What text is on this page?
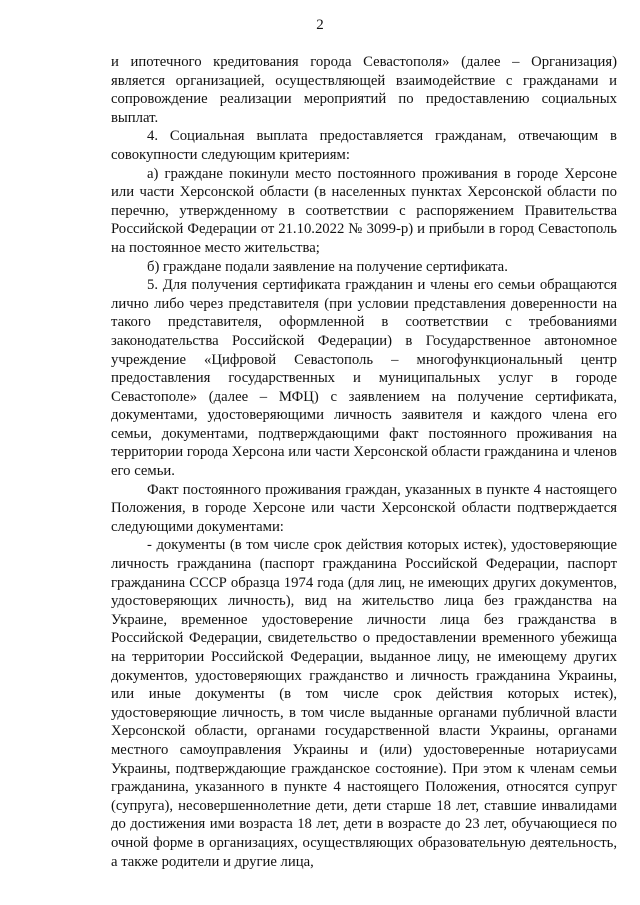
2

и ипотечного кредитования города Севастополя» (далее – Организация) является организацией, осуществляющей взаимодействие с гражданами и сопровождение реализации мероприятий по предоставлению социальных выплат.

4. Социальная выплата предоставляется гражданам, отвечающим в совокупности следующим критериям:

а) граждане покинули место постоянного проживания в городе Херсоне или части Херсонской области (в населенных пунктах Херсонской области по перечню, утвержденному в соответствии с распоряжением Правительства Российской Федерации от 21.10.2022 № 3099-р) и прибыли в город Севастополь на постоянное место жительства;

б) граждане подали заявление на получение сертификата.

5. Для получения сертификата гражданин и члены его семьи обращаются лично либо через представителя (при условии представления доверенности на такого представителя, оформленной в соответствии с требованиями законодательства Российской Федерации) в Государственное автономное учреждение «Цифровой Севастополь – многофункциональный центр предоставления государственных и муниципальных услуг в городе Севастополе» (далее – МФЦ) с заявлением на получение сертификата, документами, удостоверяющими личность заявителя и каждого члена его семьи, документами, подтверждающими факт постоянного проживания на территории города Херсона или части Херсонской области гражданина и членов его семьи.

Факт постоянного проживания граждан, указанных в пункте 4 настоящего Положения, в городе Херсоне или части Херсонской области подтверждается следующими документами:

- документы (в том числе срок действия которых истек), удостоверяющие личность гражданина (паспорт гражданина Российской Федерации, паспорт гражданина СССР образца 1974 года (для лиц, не имеющих других документов, удостоверяющих личность), вид на жительство лица без гражданства на Украине, временное удостоверение личности лица без гражданства в Российской Федерации, свидетельство о предоставлении временного убежища на территории Российской Федерации, выданное лицу, не имеющему других документов, удостоверяющих гражданство и личность гражданина Украины, или иные документы (в том числе срок действия которых истек), удостоверяющие личность, в том числе выданные органами публичной власти Херсонской области, органами государственной власти Украины, органами местного самоуправления Украины и (или) удостоверенные нотариусами Украины, подтверждающие гражданское состояние). При этом к членам семьи гражданина, указанного в пункте 4 настоящего Положения, относятся супруг (супруга), несовершеннолетние дети, дети старше 18 лет, ставшие инвалидами до достижения ими возраста 18 лет, дети в возрасте до 23 лет, обучающиеся по очной форме в организациях, осуществляющих образовательную деятельность, а также родители и другие лица,
